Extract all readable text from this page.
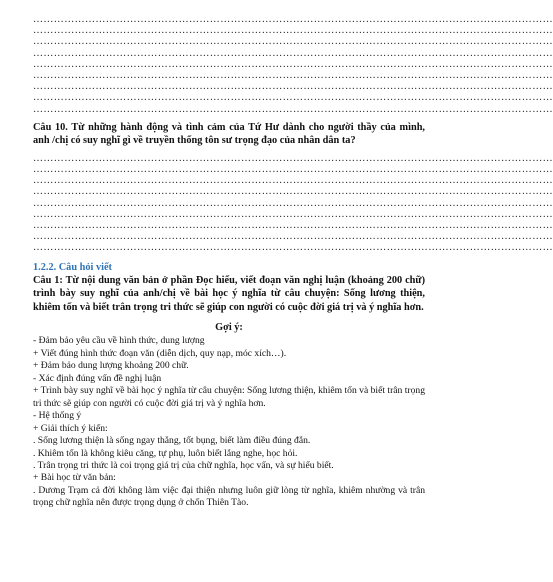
……………………………………………………………………………………………………………………………………
……………………………………………………………………………………………………………………………………
……………………………………………………………………………………………………………………………………
……………………………………………………………………………………………………………………………………
……………………………………………………………………………………………………………………………………
……………………………………………………………………………………………………………………………………
……………………………………………………………………………………………………………………………………
……………………………………………………………………………………………………………………………………
……………………………………………………………………………………………………………………………………
Câu 10. Từ những hành động và tình cảm của Tứ Hư dành cho người thầy của mình, anh /chị có suy nghĩ gì về truyền thống tôn sư trọng đạo của nhân dân ta?
……………………………………………………………………………………………………………………………………
……………………………………………………………………………………………………………………………………
……………………………………………………………………………………………………………………………………
……………………………………………………………………………………………………………………………………
……………………………………………………………………………………………………………………………………
……………………………………………………………………………………………………………………………………
……………………………………………………………………………………………………………………………………
……………………………………………………………………………………………………………………………………
……………………………………………………………………………………………………………………………………
1.2.2. Câu hỏi viết
Câu 1: Từ nội dung văn bản ở phần Đọc hiểu, viết đoạn văn nghị luận (khoảng 200 chữ) trình bày suy nghĩ của anh/chị về bài học ý nghĩa từ câu chuyện: Sống lương thiện, khiêm tốn và biết trân trọng tri thức sẽ giúp con người có cuộc đời giá trị và ý nghĩa hơn.
Gợi ý:
- Đảm bảo yêu cầu về hình thức, dung lượng
+ Viết đúng hình thức đoạn văn (diễn dịch, quy nạp, móc xích…).
+ Đảm bảo dung lượng khoảng 200 chữ.
- Xác định đúng vấn đề nghị luận
+ Trình bày suy nghĩ về bài học ý nghĩa từ câu chuyện: Sống lương thiện, khiêm tốn và biết trân trọng tri thức sẽ giúp con người có cuộc đời giá trị và ý nghĩa hơn.
- Hệ thống ý
+ Giải thích ý kiến:
. Sống lương thiện là sống ngay thẳng, tốt bụng, biết làm điều đúng đắn.
. Khiêm tốn là không kiêu căng, tự phụ, luôn biết lắng nghe, học hỏi.
. Trân trọng tri thức là coi trọng giá trị của chữ nghĩa, học vấn, và sự hiểu biết.
+ Bài học từ văn bản:
. Dương Trạm cả đời không làm việc đại thiện nhưng luôn giữ lòng từ nghĩa, khiêm nhường và trân trọng chữ nghĩa nên được trọng dụng ở chốn Thiên Tào.
